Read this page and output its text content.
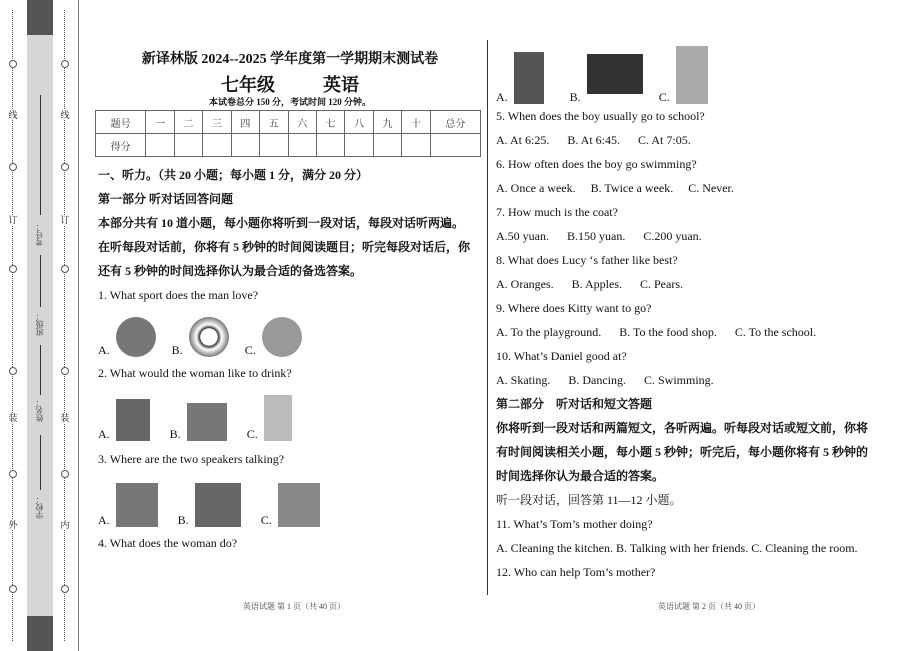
外
装
订
线
学校：
姓名：
班级：
考号：
内
装
订
线
新译林版 2024--2025 学年度第一学期期末测试卷
七年级	英语
本试卷总分 150 分，考试时间 120 分钟。
题号	一	二	三	四	五	六	七	八	九	十	总分
得分											

一、听力。（共 20 小题；每小题 1 分，满分 20 分）

第一部分 听对话回答问题

本部分共有 10 道小题，每小题你将听到一段对话，每段对话听两遍。

在听每段对话前，你将有 5 秒钟的时间阅读题目；听完每段对话后，你

还有 5 秒钟的时间选择你认为最合适的备选答案。

1. What sport does the man love?

A.	B.	C.

2. What would the woman like to drink?

A.	B.	C.

3. Where are the two speakers talking?

A.	B.	C.

4. What does the woman do?

A.	B.	C.

5. When does the boy usually go to school?

A. At 6:25.      B. At 6:45.      C. At 7:05.

6. How often does the boy go swimming?

A. Once a week.     B. Twice a week.     C. Never.

7. How much is the coat?

A.50 yuan.      B.150 yuan.      C.200 yuan.

8. What does Lucy ‘s father like best?

A. Oranges.      B. Apples.      C. Pears.

9. Where does Kitty want to go?

A. To the playground.      B. To the food shop.      C. To the school.

10. What’s Daniel good at?

A. Skating.      B. Dancing.      C. Swimming.

第二部分    听对话和短文答题

你将听到一段对话和两篇短文，各听两遍。听每段对话或短文前，你将

有时间阅读相关小题，每小题 5 秒钟；听完后，每小题你将有 5 秒钟的

时间选择你认为最合适的答案。

听一段对话，回答第 11—12 小题。

11. What’s Tom’s mother doing?

A. Cleaning the kitchen. B. Talking with her friends. C. Cleaning the room.

12. Who can help Tom’s mother?

英语试题 第 1 页（共 40 页）	英语试题 第 2 页（共 40 页）
